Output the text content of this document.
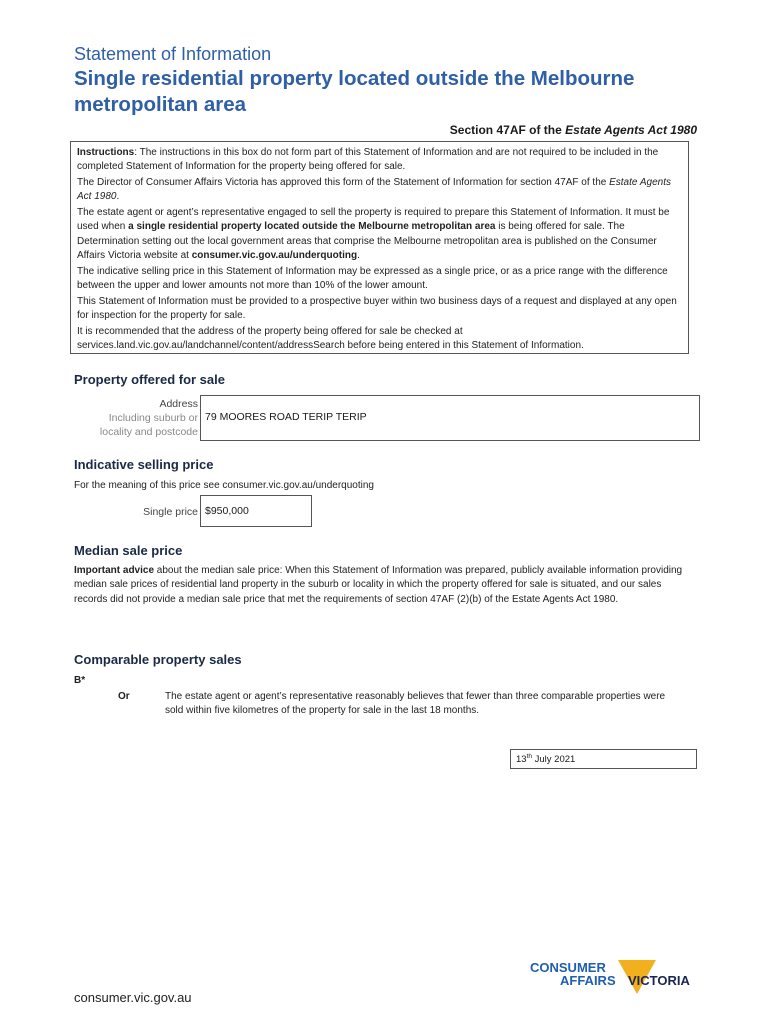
Statement of Information
Single residential property located outside the Melbourne metropolitan area
Section 47AF of the Estate Agents Act 1980

Instructions: The instructions in this box do not form part of this Statement of Information and are not required to be included in the completed Statement of Information for the property being offered for sale.

The Director of Consumer Affairs Victoria has approved this form of the Statement of Information for section 47AF of the Estate Agents Act 1980.

The estate agent or agent’s representative engaged to sell the property is required to prepare this Statement of Information. It must be used when a single residential property located outside the Melbourne metropolitan area is being offered for sale. The Determination setting out the local government areas that comprise the Melbourne metropolitan area is published on the Consumer Affairs Victoria website at consumer.vic.gov.au/underquoting.

The indicative selling price in this Statement of Information may be expressed as a single price, or as a price range with the difference between the upper and lower amounts not more than 10% of the lower amount.

This Statement of Information must be provided to a prospective buyer within two business days of a request and displayed at any open for inspection for the property for sale.

It is recommended that the address of the property being offered for sale be checked at services.land.vic.gov.au/landchannel/content/addressSearch before being entered in this Statement of Information.

Property offered for sale
Address
Including suburb or
locality and postcode
79 MOORES ROAD TERIP TERIP
Indicative selling price
For the meaning of this price see consumer.vic.gov.au/underquoting
Single price $950,000
Median sale price
Important advice about the median sale price: When this Statement of Information was prepared, publicly available information providing median sale prices of residential land property in the suburb or locality in which the property offered for sale is situated, and our sales records did not provide a median sale price that met the requirements of section 47AF (2)(b) of the Estate Agents Act 1980.
Comparable property sales
B*
Or	The estate agent or agent’s representative reasonably believes that fewer than three comparable properties were sold within five kilometres of the property for sale in the last 18 months.
13th July 2021
consumer.vic.gov.au
CONSUMER
AFFAIRS VICTORIA
